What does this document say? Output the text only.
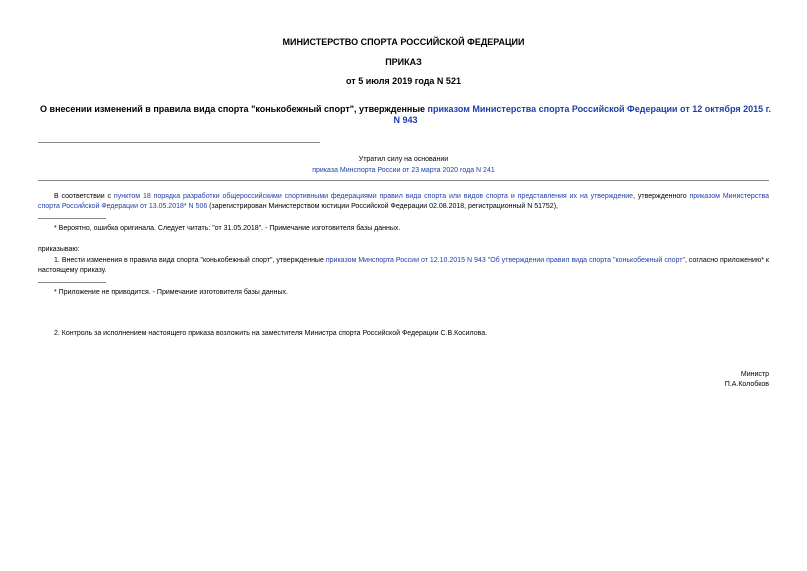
МИНИСТЕРСТВО СПОРТА РОССИЙСКОЙ ФЕДЕРАЦИИ
ПРИКАЗ
от 5 июля 2019 года N 521
О внесении изменений в правила вида спорта "конькобежный спорт", утвержденные приказом Министерства спорта Российской Федерации от 12 октября 2015 г. N 943
Утратил силу на основании
приказа Минспорта России от 23 марта 2020 года N 241
В соответствии с пунктом 18 порядка разработки общероссийскими спортивными федерациями правил вида спорта или видов спорта и представления их на утверждение, утвержденного приказом Министерства спорта Российской Федерации от 13.05.2018* N 506 (зарегистрирован Министерством юстиции Российской Федерации 02.08.2018, регистрационный N 51752),
* Вероятно, ошибка оригинала. Следует читать: "от 31.05.2018". - Примечание изготовителя базы данных.
приказываю:
1. Внести изменения в правила вида спорта "конькобежный спорт", утвержденные приказом Минспорта России от 12.10.2015 N 943 "Об утверждении правил вида спорта "конькобежный спорт", согласно приложению* к настоящему приказу.
* Приложение не приводится. - Примечание изготовителя базы данных.
2. Контроль за исполнением настоящего приказа возложить на заместителя Министра спорта Российской Федерации С.В.Косилова.
Министр
П.А.Колобков
